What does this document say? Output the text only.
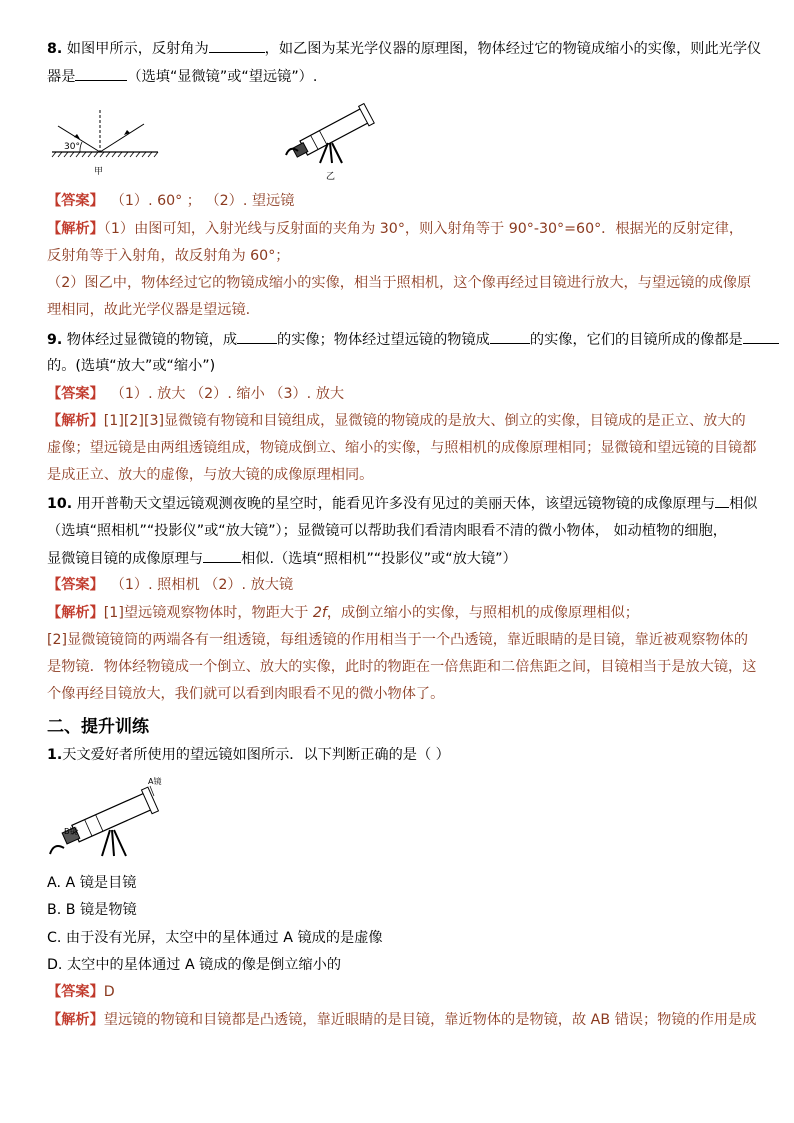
8. 如图甲所示，反射角为	，如乙图为某光学仪器的原理图，物体经过它的物镜成缩小的实像，则此光学仪
器是	（选填“显微镜”或“望远镜”）.
30°
甲	乙
【答案】 （1）. 60° ； （2）. 望远镜
【解析】（1）由图可知，入射光线与反射面的夹角为 30°，则入射角等于 90°-30°=60°．根据光的反射定律，
反射角等于入射角，故反射角为 60°；
（2）图乙中，物体经过它的物镜成缩小的实像，相当于照相机，这个像再经过目镜进行放大，与望远镜的成像原
理相同，故此光学仪器是望远镜.
9. 物体经过显微镜的物镜，成	的实像；物体经过望远镜的物镜成	的实像，它们的目镜所成的像都是
的。(选填“放大”或“缩小”)
【答案】 （1）. 放大 （2）. 缩小 （3）. 放大
【解析】[1][2][3]显微镜有物镜和目镜组成，显微镜的物镜成的是放大、倒立的实像，目镜成的是正立、放大的
虚像；望远镜是由两组透镜组成，物镜成倒立、缩小的实像，与照相机的成像原理相同；显微镜和望远镜的目镜都
是成正立、放大的虚像，与放大镜的成像原理相同。
10. 用开普勒天文望远镜观测夜晚的星空时，能看见许多没有见过的美丽天体，该望远镜物镜的成像原理与 相似
（选填“照相机”“投影仪”或“放大镜”）；显微镜可以帮助我们看清肉眼看不清的微小物体， 如动植物的细胞，
显微镜目镜的成像原理与	相似.（选填“照相机”“投影仪”或“放大镜”）
【答案】 （1）. 照相机 （2）. 放大镜
【解析】[1]望远镜观察物体时，物距大于 2f，成倒立缩小的实像，与照相机的成像原理相似；
[2]显微镜镜筒的两端各有一组透镜，每组透镜的作用相当于一个凸透镜，靠近眼睛的是目镜，靠近被观察物体的
是物镜．物体经物镜成一个倒立、放大的实像，此时的物距在一倍焦距和二倍焦距之间，目镜相当于是放大镜，这
个像再经目镜放大，我们就可以看到肉眼看不见的微小物体了。
二、提升训练
1.天文爱好者所使用的望远镜如图所示．以下判断正确的是（ ）
A镜
B镜
A. A 镜是目镜
B. B 镜是物镜
C. 由于没有光屏，太空中的星体通过 A 镜成的是虚像
D. 太空中的星体通过 A 镜成的像是倒立缩小的
【答案】D
【解析】望远镜的物镜和目镜都是凸透镜，靠近眼睛的是目镜，靠近物体的是物镜，故 AB 错误；物镜的作用是成
